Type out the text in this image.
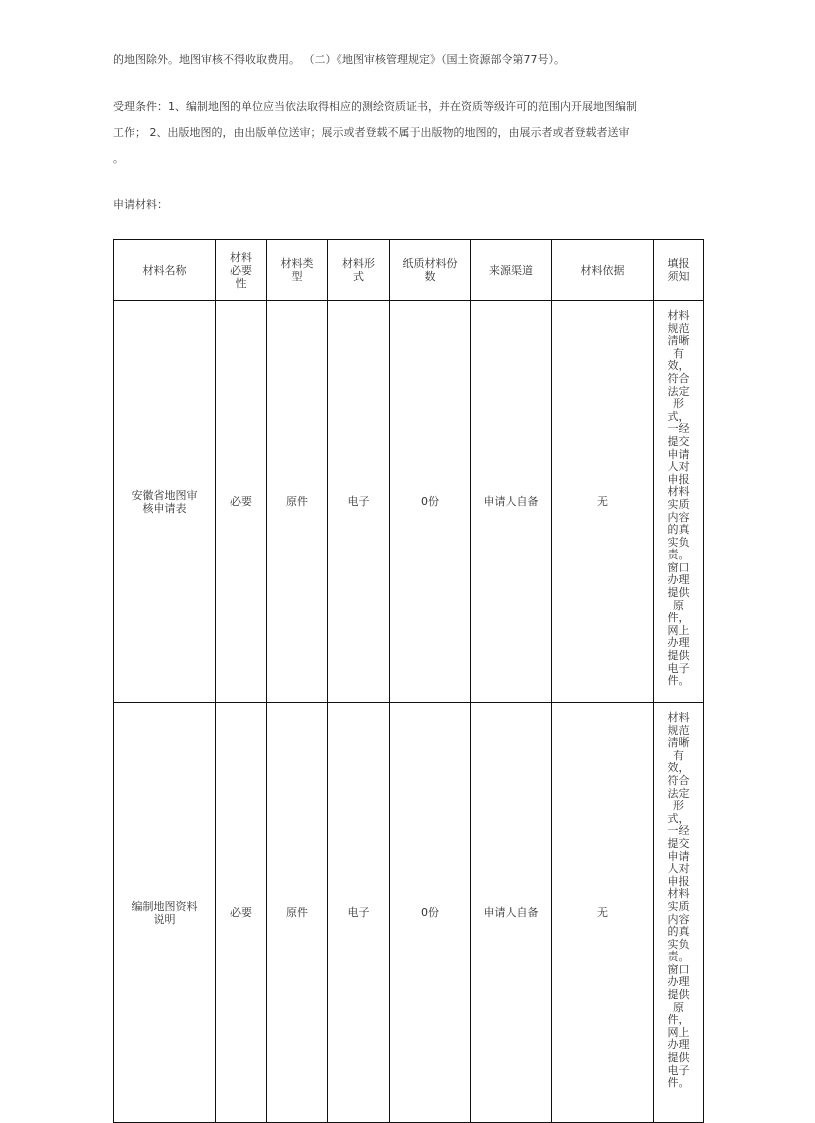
的地图除外。地图审核不得收取费用。 （二）《地图审核管理规定》（国土资源部令第77号）。
受理条件：1、编制地图的单位应当依法取得相应的测绘资质证书，并在资质等级许可的范围内开展地图编制
工作； 2、出版地图的，由出版单位送审；展示或者登载不属于出版物的地图的，由展示者或者登载者送审
。
申请材料：
材料名称	材料必要性	材料类型	材料形式	纸质材料份数	来源渠道	材料依据	填报须知

安徽省地图审核申请表	必要	原件	电子	0份	申请人自备	无	材料规范清晰有效，符合法定形式，一经提交申请人对申报材料实质内容的真实负责。窗口办理提供原件，网上办理提供电子件。

编制地图资料说明	必要	原件	电子	0份	申请人自备	无	材料规范清晰有效，符合法定形式，一经提交申请人对申报材料实质内容的真实负责。窗口办理提供原件，网上办理提供电子件。
